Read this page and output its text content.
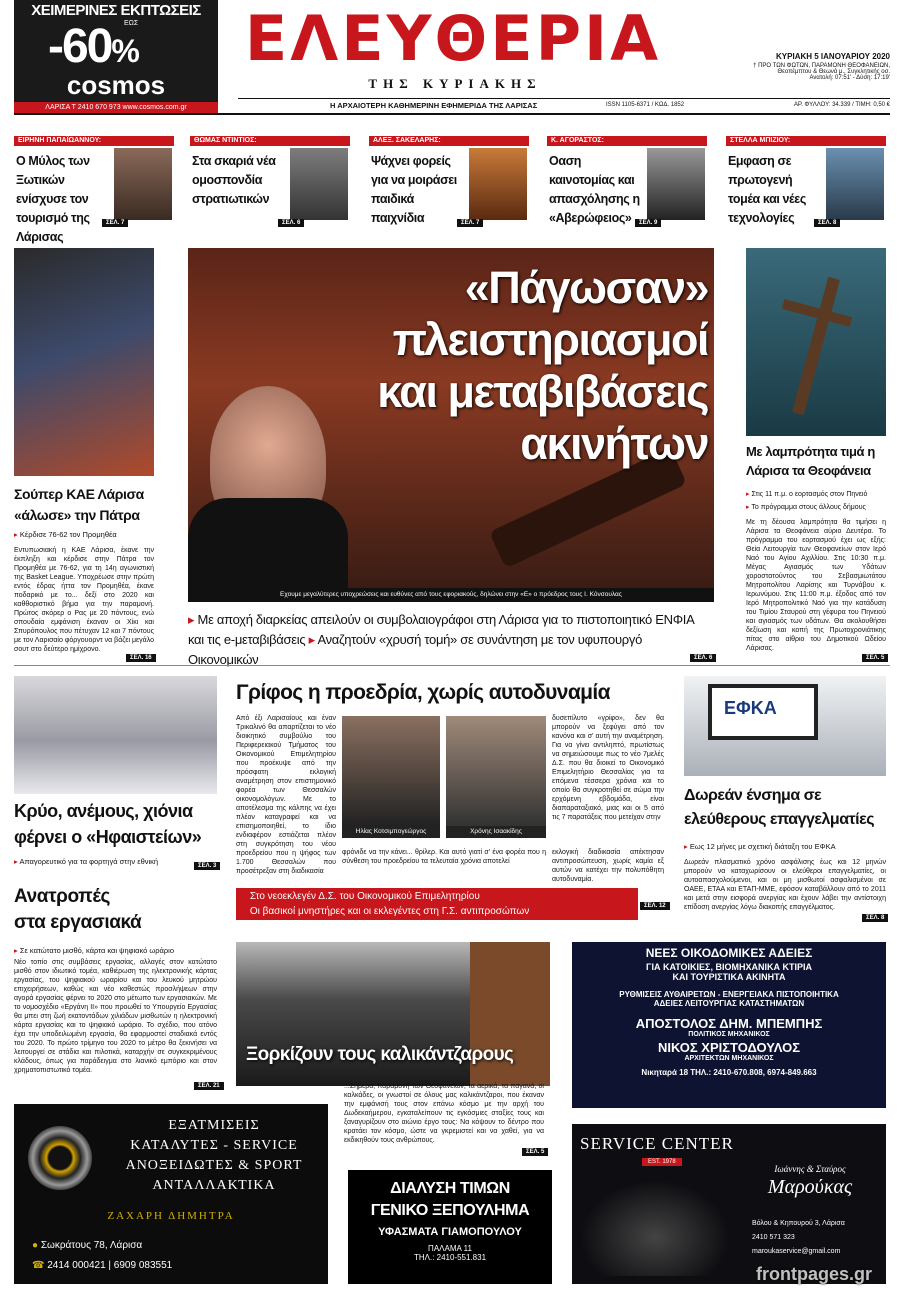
ΧΕΙΜΕΡΙΝΕΣ ΕΚΠΤΩΣΕΙΣ
ΕΩΣ
-60%
cosmos
ΛΑΡΙΣΑ Τ 2410 670 973 www.cosmos.com.gr
ΕΛΕΥΘΕΡΙΑ
ΤΗΣ ΚΥΡΙΑΚΗΣ
ΚΥΡΙΑΚΗ 5 ΙΑΝΟΥΑΡΙΟΥ 2020
† ΠΡΟ ΤΩΝ ΦΩΤΩΝ, ΠΑΡΑΜΟΝΗ ΘΕΟΦΑΝΕΙΩΝ,
Θεοπέμπτου & Θεωνά μ., Συγκλητικής οσ.
Ανατολή: 07:51' - Δύση: 17:19'
Η ΑΡΧΑΙΟΤΕΡΗ ΚΑΘΗΜΕΡΙΝΗ ΕΦΗΜΕΡΙΔΑ ΤΗΣ ΛΑΡΙΣΑΣ	ISSN 1105-6371 / ΚΩΔ. 1852	ΑΡ. ΦΥΛΛΟΥ: 34.339 / ΤΙΜΗ: 0,50 €
ΕΙΡΗΝΗ ΠΑΠΑΪΩΑΝΝΟΥ:
Ο Μύλος των Ξωτικών ενίσχυσε τον τουρισμό της Λάρισας
ΣΕΛ. 7
ΘΩΜΑΣ ΝΤΙΝΤΙΟΣ:
Στα σκαριά νέα ομοσπονδία στρατιωτικών
ΣΕΛ. 6
ΑΛΕΞ. ΣΑΚΕΛΑΡΗΣ:
Ψάχνει φορείς για να μοιράσει παιδικά παιχνίδια	ΣΕΛ. 7
Κ. ΑΓΟΡΑΣΤΟΣ:
Οαση καινοτομίας και απασχόλησης η «Αβερώφειος»	ΣΕΛ. 9
ΣΤΕΛΛΑ ΜΠΙΖΙΟΥ:
Εμφαση σε πρωτογενή τομέα και νέες τεχνολογίες	ΣΕΛ. 8
Σούπερ ΚΑΕ Λάρισα «άλωσε» την Πάτρα
▸ Κέρδισε 76-62 τον Προμηθέα
Εντυπωσιακή η ΚΑΕ Λάρισα, έκανε την έκπληξη και κέρδισε στην Πάτρα τον Προμηθέα με 76-62, για τη 14η αγωνιστική της Basket League. Υποχρέωσε στην πρώτη εντός έδρας ήττα τον Προμηθέα, έκανε ποδαρικό με το... δεξί στο 2020 και καθθοριστικό βήμα για την παραμονή. Πρώτος σκόρερ ο Ρας με 20 πόντους, ενώ σπουδαία εμφάνιση έκαναν οι Χίκι και Σπυρόπουλος που πέτυχαν 12 και 7 πόντους με τον Λαρισαίο φόργουορντ να βάζει μεγάλο σουτ στο δεύτερο ημίχρονο.
ΣΕΛ. 16
«Πάγωσαν»
πλειστηριασμοί
και μεταβιβάσεις
ακινήτων
Εχουμε μεγαλύτερες υποχρεώσεις και ευθύνες από τους εφοριακούς, δηλώνει στην «Ε» ο πρόεδρος τους Ι. Κόνσουλας
▸ Με αποχή διαρκείας απειλούν οι συμβολαιογράφοι στη Λάρισα για το πιστοποιητικό ΕΝΦΙΑ
και τις e-μεταβιβάσεις ▸ Αναζητούν «χρυσή τομή» σε συνάντηση με τον υφυπουργό Οικονομικών	ΣΕΛ. 6
Με λαμπρότητα τιμά η Λάρισα τα Θεοφάνεια
▸ Στις 11 π.μ. ο εορτασμός στον Πηνειό
▸ Το πρόγραμμα στους άλλους δήμους
Με τη δέουσα λαμπρότητα θα τιμήσει η Λάρισα τα Θεοφάνεια αύριο Δευτέρα. Το πρόγραμμα του εορτασμού έχει ως εξής: Θεία Λειτουργία των Θεοφανείων στον Ιερό Ναό του Αγίου Αχιλλίου. Στις 10:30 π.μ. Μέγας Αγιασμός των Υδάτων χοροστατούντος του Σεβασμιωτάτου Μητροπολίτου Λαρίσης και Τυρνάβου κ. Ιερωνύμου. Στις 11:00 π.μ. έξοδος από τον Ιερό Μητροπολιτικό Ναό για την κατάδυση του Τιμίου Σταυρού στη γέφυρα του Πηνειού και αγιασμός των υδάτων. Θα ακολουθήσει δεξίωση και κοπή της Πρωτοχρονιάτικης πίτας στο αίθριο του Δημοτικού Ωδείου Λάρισας.
ΣΕΛ. 5
Κρύο, ανέμους, χιόνια φέρνει ο «Ηφαιστείων»
▸ Απαγορευτικό για τα φορτηγά στην εθνική	ΣΕΛ. 3
Ανατροπές
στα εργασιακά
▸ Σε κατώτατο μισθό, κάρτα και ψηφιακό ωράριο
Νέο τοπίο στις συμβάσεις εργασίας, αλλαγές στον κατώτατο μισθό στον ιδιωτικό τομέα, καθιέρωση της ηλεκτρονικής κάρτας εργασίας, του ψηφιακού ωραρίου και του λευκού μητρώου επιχειρήσεων, καθώς και νέο καθεστώς προσλήψεων στην αγορά εργασίας φέρνει το 2020 στο μέτωπο των εργασιακών. Με το νομοσχέδιο «Εργάνη ΙΙ» που προωθεί το Υπουργείο Εργασίας θα μπει στη ζωή εκατοντάδων χιλιάδων μισθωτών η ηλεκτρονική κάρτα εργασίας και το ψηφιακό ωράριο. Το σχέδιο, που ατόνο έχει την υποδειλωμένη εργασία, θα εφαρμοστεί σταδιακά εντός του 2020. Το πρώτο τρίμηνο του 2020 το μέτρο θα ξεκινήσει να λειτουργεί σε στάδια και πιλοτικά, καταρχήν σε συγκεκριμένους κλάδους, όπως για παράδειγμα στο λιανικό εμπόριο και στον χρηματοπιστωτικό τομέα.
ΣΕΛ. 21
Γρίφος η προεδρία, χωρίς αυτοδυναμία
Από έξι Λαρισαίους και έναν Τρικαλινό θα απαρτίζεται το νέο διοικητικό συμβούλιο του Περιφερειακού Τμήματος του Οικονομικού Επιμελητηρίου που προέκυψε από την πρόσφατη εκλογική αναμέτρηση στον επιστημονικό φορέα των Θεσσαλών οικονομολόγων. Με το αποτέλεσμα της κάλπης να έχει πλέον καταγραφεί και να επισημοποιηθεί, το ίδιο ενδιαφέρον εστιάζεται πλέον στη συγκρότηση του νέου προεδρείου που η ψήφος των 1.700 Θεσσαλών που προσέτρεξαν στη διαδικασία
Ηλίας Κοτσιμπογεώργος	Χρόνης Ισαακίδης
φρόνιδε να την κάνει... θρίλερ. Και αυτό γιατί σ' ένα φορέα που η σύνθεση του προεδρείου τα τελευταία χρόνια αποτελεί
δυσεπίλυτο «γρίφο», δεν θα μπορούν να ξεφύγει από τον κανόνα και σ' αυτή την αναμέτρηση. Για να γίνει αντιληπτό, πρωτίστως να σημειώσουμε πως το νέο 7μελές Δ.Σ. που θα διοικεί το Οικονομικό Επιμελητήριο Θεσσαλίας για τα επόμενα τέσσερα χρόνια και το οποίο θα συγκροτηθεί σε σώμα την ερχόμενη εβδομάδα, είναι διαπαραταξιακό, μιας και οι 5 από τις 7 παρατάξεις που μετείχαν στην
εκλογική διαδικασία απέκτησαν αντιπροσώπευση, χωρίς καμία εξ αυτών να κατέχει την πολυπόθητη αυτοδυναμία.
▸ Στο νεοεκλεγέν Δ.Σ. του Οικονομικού Επιμελητηρίου
▸ Οι βασικοί μνηστήρες και οι εκλεγέντες στη Γ.Σ. αντιπροσώπων	ΣΕΛ. 12
ΕΦΚΑ
Δωρεάν ένσημα σε ελεύθερους επαγγελματίες
▸ Εως 12 μήνες με σχετική διάταξη του ΕΦΚΑ
Δωρεάν πλασματικό χρόνο ασφάλισης έως και 12 μηνών μπορούν να καταχωρίσουν οι ελεύθεροι επαγγελματίες, οι αυτοαπασχολούμενοι, και οι μη μισθωτοί ασφαλισμένοι σε ΟΑΕΕ, ΕΤΑΑ και ΕΤΑΠ-ΜΜΕ, εφόσον καταβάλλουν από το 2011 και μετά στην εισφορά ανεργίας και έχουν λάβει την αντίστοιχη επίδοση ανεργίας λόγω διακοπής επαγγέλματος.
ΣΕΛ. 8
Ξορκίζουν τους καλικάντζαρους
...Σήμερα, παραμονή των Θεοφανείων, τα αερικά, τα παγανά, οι καλκάδες, οι γνωστοί σε όλους μας καλικάντζαροι, που έκαναν την εμφάνισή τους στον επάνω κόσμο με την αρχή του Δωδεκαήμερου, εγκαταλείπουν τις εγκόσμιες σταξίες τους και ξαναγυρίζουν στο αιώνιο έργο τους: Να κόψουν το δέντρο που κρατάει τον κόσμο, ώστε να γκρεμιστεί και να χαθεί, για να εκδικηθούν τους ανθρώπους.
ΣΕΛ. 5
ΝΕΕΣ ΟΙΚΟΔΟΜΙΚΕΣ ΑΔΕΙΕΣ
ΓΙΑ ΚΑΤΟΙΚΙΕΣ, ΒΙΟΜΗΧΑΝΙΚΑ ΚΤΙΡΙΑ
ΚΑΙ ΤΟΥΡΙΣΤΙΚΑ ΑΚΙΝΗΤΑ
ΡΥΘΜΙΣΕΙΣ ΑΥΘΑΙΡΕΤΩΝ - ΕΝΕΡΓΕΙΑΚΑ ΠΙΣΤΟΠΟΙΗΤΙΚΑ
ΑΔΕΙΕΣ ΛΕΙΤΟΥΡΓΙΑΣ ΚΑΤΑΣΤΗΜΑΤΩΝ
ΑΠΟΣΤΟΛΟΣ ΔΗΜ. ΜΠΕΜΠΗΣ
ΠΟΛΙΤΙΚΟΣ ΜΗΧΑΝΙΚΟΣ
ΝΙΚΟΣ ΧΡΙΣΤΟΔΟΥΛΟΣ
ΑΡΧΙΤΕΚΤΩΝ ΜΗΧΑΝΙΚΟΣ
Νικηταρά 18 ΤΗΛ.: 2410-670.808, 6974-849.663
ΕΞΑΤΜΙΣΕΙΣ
ΚΑΤΑΛΥΤΕΣ - SERVICE
ΑΝΟΞΕΙΔΩΤΕΣ & SPORT
ΑΝΤΑΛΛΑΚΤΙΚΑ
ΖΑΧΑΡΗ ΔΗΜΗΤΡΑ
● Σωκράτους 78, Λάρισα
☎ 2414 000421 | 6909 083551
ΔΙΑΛΥΣΗ ΤΙΜΩΝ
ΓΕΝΙΚΟ ΞΕΠΟΥΛΗΜΑ
ΥΦΑΣΜΑΤΑ ΓΙΑΜΟΠΟΥΛΟΥ
ΠΑΛΑΜΑ 11
ΤΗΛ.: 2410-551.831
SERVICE CENTER
EST. 1978
Ιωάννης & Σταύρος
Μαρούκας
Βόλου & Κηπουρού 3, Λάρισα
2410 571 323
maroukaservice@gmail.com
frontpages.gr
